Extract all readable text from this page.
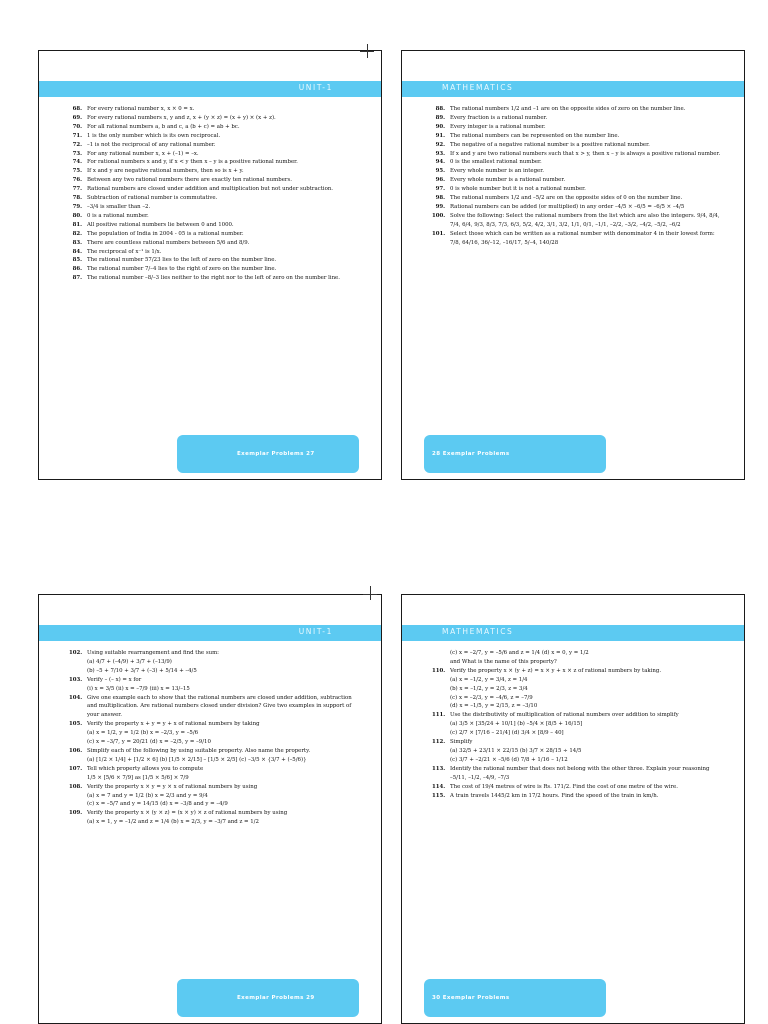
UNIT-1
68. For every rational number x, x × 0 = x.
69. For every rational numbers x, y and z, x + (y × z) = (x + y) × (x + z).
70. For all rational numbers a, b and c, a (b + c) = ab + bc.
71. 1 is the only number which is its own reciprocal.
72. –1 is not the reciprocal of any rational number.
73. For any rational number x, x + (–1) = –x.
74. For rational numbers x and y, if x < y then x – y is a positive rational number.
75. If x and y are negative rational numbers, then so is x + y.
76. Between any two rational numbers there are exactly ten rational numbers.
77. Rational numbers are closed under addition and multiplication but not under subtraction.
78. Subtraction of rational number is commutative.
79. –3/4 is smaller than –2.
80. 0 is a rational number.
81. All positive rational numbers lie between 0 and 1000.
82. The population of India in 2004 - 05 is a rational number.
83. There are countless rational numbers between 5/6 and 8/9.
84. The reciprocal of x⁻¹ is 1/x.
85. The rational number 57/23 lies to the left of zero on the number line.
86. The rational number 7/–4 lies to the right of zero on the number line.
87. The rational number –8/–3 lies neither to the right nor to the left of zero on the number line.
Exemplar Problems 27
MATHEMATICS
88. The rational numbers 1/2 and –1 are on the opposite sides of zero on the number line.
89. Every fraction is a rational number.
90. Every integer is a rational number.
91. The rational numbers can be represented on the number line.
92. The negative of a negative rational number is a positive rational number.
93. If x and y are two rational numbers such that x > y, then x – y is always a positive rational number.
94. 0 is the smallest rational number.
95. Every whole number is an integer.
96. Every whole number is a rational number.
97. 0 is whole number but it is not a rational number.
98. The rational numbers 1/2 and –5/2 are on the opposite sides of 0 on the number line.
99. Rational numbers can be added (or multiplied) in any order –4/5 × –6/5 = –6/5 × –4/5
100. Solve the following: Select the rational numbers from the list which are also the integers. 9/4, 8/4, 7/4, 6/4, 9/3, 8/3, 7/3, 6/3, 5/2, 4/2, 3/1, 3/2, 1/1, 0/1, –1/1, –2/2, –3/2, –4/2, –5/2, –6/2
101. Select those which can be written as a rational number with denominator 4 in their lowest form: 7/8, 64/16, 36/–12, –16/17, 5/–4, 140/28
28 Exemplar Problems
UNIT-1
102. Using suitable rearrangement and find the sum:
(a) 4/7 + (–4/9) + 3/7 + (–13/9)
(b) –5 + 7/10 + 3/7 + (–3) + 5/14 + –4/5
103. Verify – (– x) = x for
(i) x = 3/5 (ii) x = –7/9 (iii) x = 13/–15
104. Give one example each to show that the rational numbers are closed under addition, subtraction and multiplication. Are rational numbers closed under division? Give two examples in support of your answer.
105. Verify the property x + y = y + x of rational numbers by taking
(a) x = 1/2, y = 1/2 (b) x = –2/3, y = –5/6
(c) x = –3/7, y = 20/21 (d) x = –2/5, y = –9/10
106. Simplify each of the following by using suitable property. Also name the property.
(a) [1/2 × 1/4] + [1/2 × 6] (b) [1/5 × 2/15] – [1/5 × 2/5] (c) –3/5 × {3/7 + (–5/6)}
107. Tell which property allows you to compute
1/5 × [5/6 × 7/9] as [1/5 × 5/6] × 7/9
108. Verify the property x × y = y × x of rational numbers by using
(a) x = 7 and y = 1/2 (b) x = 2/3 and y = 9/4
(c) x = –5/7 and y = 14/15 (d) x = –3/8 and y = –4/9
109. Verify the property x × (y × z) = (x × y) × z of rational numbers by using
(a) x = 1, y = –1/2 and z = 1/4 (b) x = 2/3, y = –3/7 and z = 1/2
Exemplar Problems 29
MATHEMATICS
(c) x = –2/7, y = –5/6 and z = 1/4 (d) x = 0, y = 1/2
and What is the name of this property?
110. Verify the property x × (y + z) = x × y + x × z of rational numbers by taking.
(a) x = –1/2, y = 3/4, z = 1/4
(b) x = –1/2, y = 2/3, z = 3/4
(c) x = –2/3, y = –4/6, z = –7/9
(d) x = –1/5, y = 2/15, z = –3/10
111. Use the distributivity of multiplication of rational numbers over addition to simplify
(a) 3/5 × [35/24 + 10/1] (b) –5/4 × [8/5 + 16/15]
(c) 2/7 × [7/16 – 21/4] (d) 3/4 × [8/9 – 40]
112. Simplify
(a) 32/5 + 23/11 × 22/15 (b) 3/7 × 28/15 ÷ 14/5
(c) 3/7 + –2/21 × –5/6 (d) 7/8 + 1/16 – 1/12
113. Identify the rational number that does not belong with the other three. Explain your reasoning
–5/11, –1/2, –4/9, –7/3
114. The cost of 19/4 metres of wire is Rs. 171/2. Find the cost of one metre of the wire.
115. A train travels 1445/2 km in 17/2 hours. Find the speed of the train in km/h.
30 Exemplar Problems
